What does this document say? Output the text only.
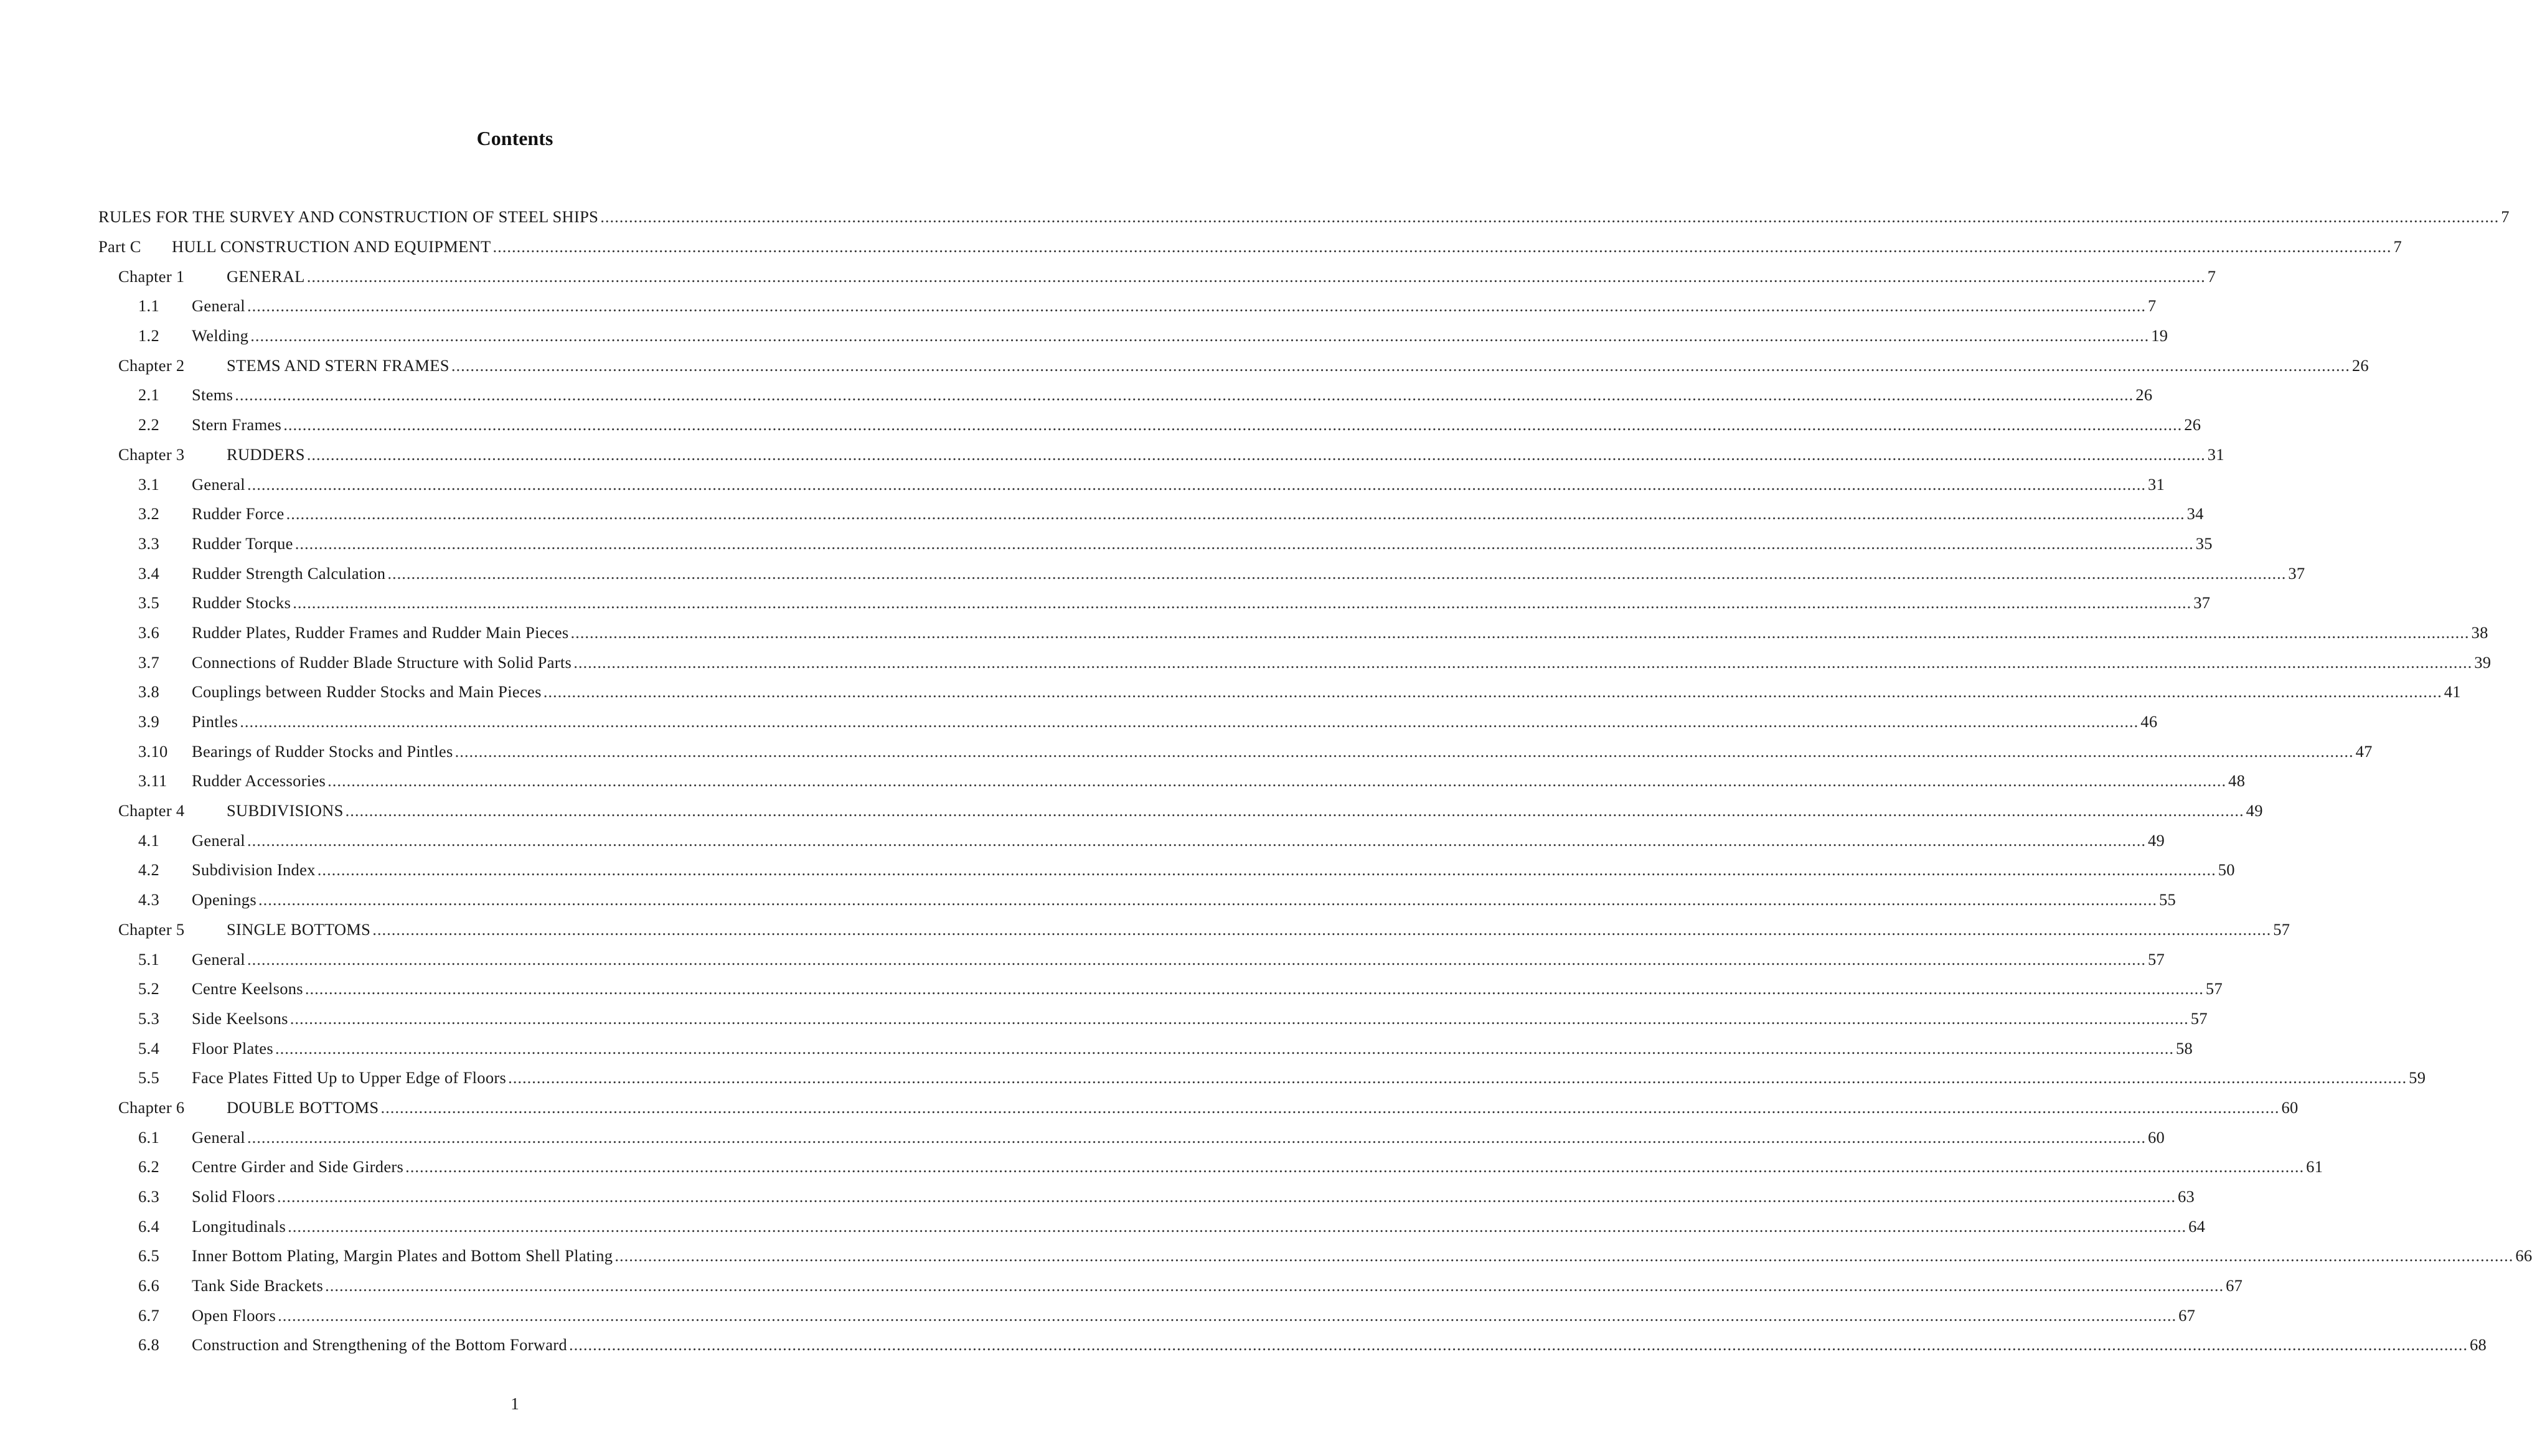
Contents
RULES FOR THE SURVEY AND CONSTRUCTION OF STEEL SHIPS ................................................................................................................................................................................................................................................................................................................................................................................................................ 7
Part C	HULL CONSTRUCTION AND EQUIPMENT ................................................................................................................................................................................................................................................................................................................................................................................................................ 7
Chapter 1	GENERAL ................................................................................................................................................................................................................................................................................................................................................................................................................ 7
1.1	General ................................................................................................................................................................................................................................................................................................................................................................................................................ 7
1.2	Welding ................................................................................................................................................................................................................................................................................................................................................................................................................ 19
Chapter 2	STEMS AND STERN FRAMES ................................................................................................................................................................................................................................................................................................................................................................................................................ 26
2.1	Stems ................................................................................................................................................................................................................................................................................................................................................................................................................ 26
2.2	Stern Frames ................................................................................................................................................................................................................................................................................................................................................................................................................ 26
Chapter 3	RUDDERS ................................................................................................................................................................................................................................................................................................................................................................................................................ 31
3.1	General ................................................................................................................................................................................................................................................................................................................................................................................................................ 31
3.2	Rudder Force ................................................................................................................................................................................................................................................................................................................................................................................................................ 34
3.3	Rudder Torque ................................................................................................................................................................................................................................................................................................................................................................................................................ 35
3.4	Rudder Strength Calculation ................................................................................................................................................................................................................................................................................................................................................................................................................ 37
3.5	Rudder Stocks ................................................................................................................................................................................................................................................................................................................................................................................................................ 37
3.6	Rudder Plates, Rudder Frames and Rudder Main Pieces ................................................................................................................................................................................................................................................................................................................................................................................................................ 38
3.7	Connections of Rudder Blade Structure with Solid Parts ................................................................................................................................................................................................................................................................................................................................................................................................................ 39
3.8	Couplings between Rudder Stocks and Main Pieces ................................................................................................................................................................................................................................................................................................................................................................................................................ 41
3.9	Pintles ................................................................................................................................................................................................................................................................................................................................................................................................................ 46
3.10	Bearings of Rudder Stocks and Pintles ................................................................................................................................................................................................................................................................................................................................................................................................................ 47
3.11	Rudder Accessories ................................................................................................................................................................................................................................................................................................................................................................................................................ 48
Chapter 4	SUBDIVISIONS ................................................................................................................................................................................................................................................................................................................................................................................................................ 49
4.1	General ................................................................................................................................................................................................................................................................................................................................................................................................................ 49
4.2	Subdivision Index ................................................................................................................................................................................................................................................................................................................................................................................................................ 50
4.3	Openings ................................................................................................................................................................................................................................................................................................................................................................................................................ 55
Chapter 5	SINGLE BOTTOMS ................................................................................................................................................................................................................................................................................................................................................................................................................ 57
5.1	General ................................................................................................................................................................................................................................................................................................................................................................................................................ 57
5.2	Centre Keelsons ................................................................................................................................................................................................................................................................................................................................................................................................................ 57
5.3	Side Keelsons ................................................................................................................................................................................................................................................................................................................................................................................................................ 57
5.4	Floor Plates ................................................................................................................................................................................................................................................................................................................................................................................................................ 58
5.5	Face Plates Fitted Up to Upper Edge of Floors ................................................................................................................................................................................................................................................................................................................................................................................................................ 59
Chapter 6	DOUBLE BOTTOMS ................................................................................................................................................................................................................................................................................................................................................................................................................ 60
6.1	General ................................................................................................................................................................................................................................................................................................................................................................................................................ 60
6.2	Centre Girder and Side Girders ................................................................................................................................................................................................................................................................................................................................................................................................................ 61
6.3	Solid Floors ................................................................................................................................................................................................................................................................................................................................................................................................................ 63
6.4	Longitudinals ................................................................................................................................................................................................................................................................................................................................................................................................................ 64
6.5	Inner Bottom Plating, Margin Plates and Bottom Shell Plating ................................................................................................................................................................................................................................................................................................................................................................................................................ 66
6.6	Tank Side Brackets ................................................................................................................................................................................................................................................................................................................................................................................................................ 67
6.7	Open Floors ................................................................................................................................................................................................................................................................................................................................................................................................................ 67
6.8	Construction and Strengthening of the Bottom Forward ................................................................................................................................................................................................................................................................................................................................................................................................................ 68
1
